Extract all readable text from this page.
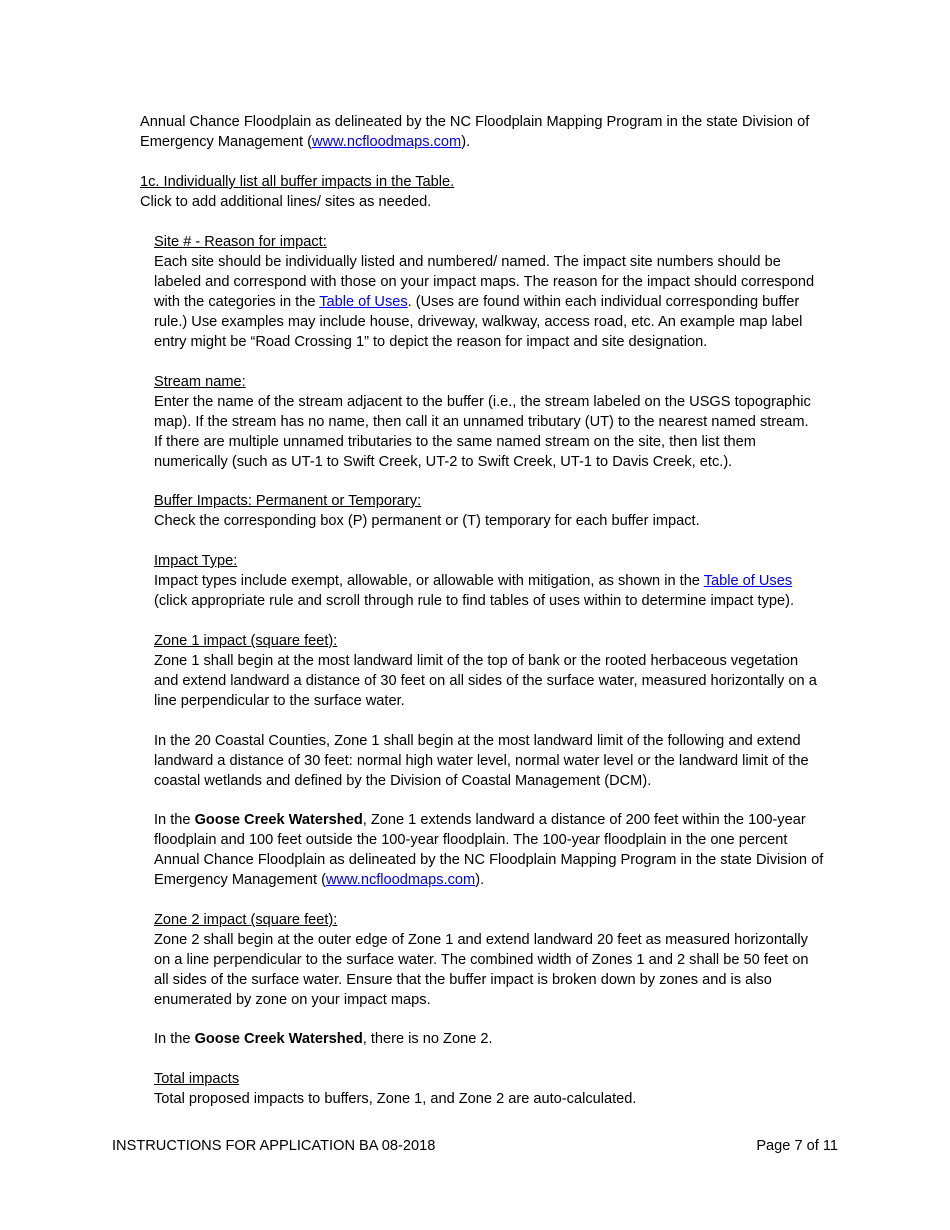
Annual Chance Floodplain as delineated by the NC Floodplain Mapping Program in the state Division of
Emergency Management (www.ncfloodmaps.com).
1c. Individually list all buffer impacts in the Table.
Click to add additional lines/ sites as needed.
Site # - Reason for impact:
Each site should be individually listed and numbered/ named. The impact site numbers should be
labeled and correspond with those on your impact maps. The reason for the impact should correspond
with the categories in the Table of Uses. (Uses are found within each individual corresponding buffer
rule.) Use examples may include house, driveway, walkway, access road, etc. An example map label
entry might be “Road Crossing 1” to depict the reason for impact and site designation.
Stream name:
Enter the name of the stream adjacent to the buffer (i.e., the stream labeled on the USGS topographic
map). If the stream has no name, then call it an unnamed tributary (UT) to the nearest named stream.
If there are multiple unnamed tributaries to the same named stream on the site, then list them
numerically (such as UT-1 to Swift Creek, UT-2 to Swift Creek, UT-1 to Davis Creek, etc.).
Buffer Impacts: Permanent or Temporary:
Check the corresponding box (P) permanent or (T) temporary for each buffer impact.
Impact Type:
Impact types include exempt, allowable, or allowable with mitigation, as shown in the Table of Uses
(click appropriate rule and scroll through rule to find tables of uses within to determine impact type).
Zone 1 impact (square feet):
Zone 1 shall begin at the most landward limit of the top of bank or the rooted herbaceous vegetation
and extend landward a distance of 30 feet on all sides of the surface water, measured horizontally on a
line perpendicular to the surface water.
In the 20 Coastal Counties, Zone 1 shall begin at the most landward limit of the following and extend
landward a distance of 30 feet: normal high water level, normal water level or the landward limit of the
coastal wetlands and defined by the Division of Coastal Management (DCM).
In the Goose Creek Watershed, Zone 1 extends landward a distance of 200 feet within the 100-year
floodplain and 100 feet outside the 100-year floodplain. The 100-year floodplain in the one percent
Annual Chance Floodplain as delineated by the NC Floodplain Mapping Program in the state Division of
Emergency Management (www.ncfloodmaps.com).
Zone 2 impact (square feet):
Zone 2 shall begin at the outer edge of Zone 1 and extend landward 20 feet as measured horizontally
on a line perpendicular to the surface water. The combined width of Zones 1 and 2 shall be 50 feet on
all sides of the surface water. Ensure that the buffer impact is broken down by zones and is also
enumerated by zone on your impact maps.
In the Goose Creek Watershed, there is no Zone 2.
Total impacts
Total proposed impacts to buffers, Zone 1, and Zone 2 are auto-calculated.
INSTRUCTIONS FOR APPLICATION BA 08-2018	Page 7 of 11
